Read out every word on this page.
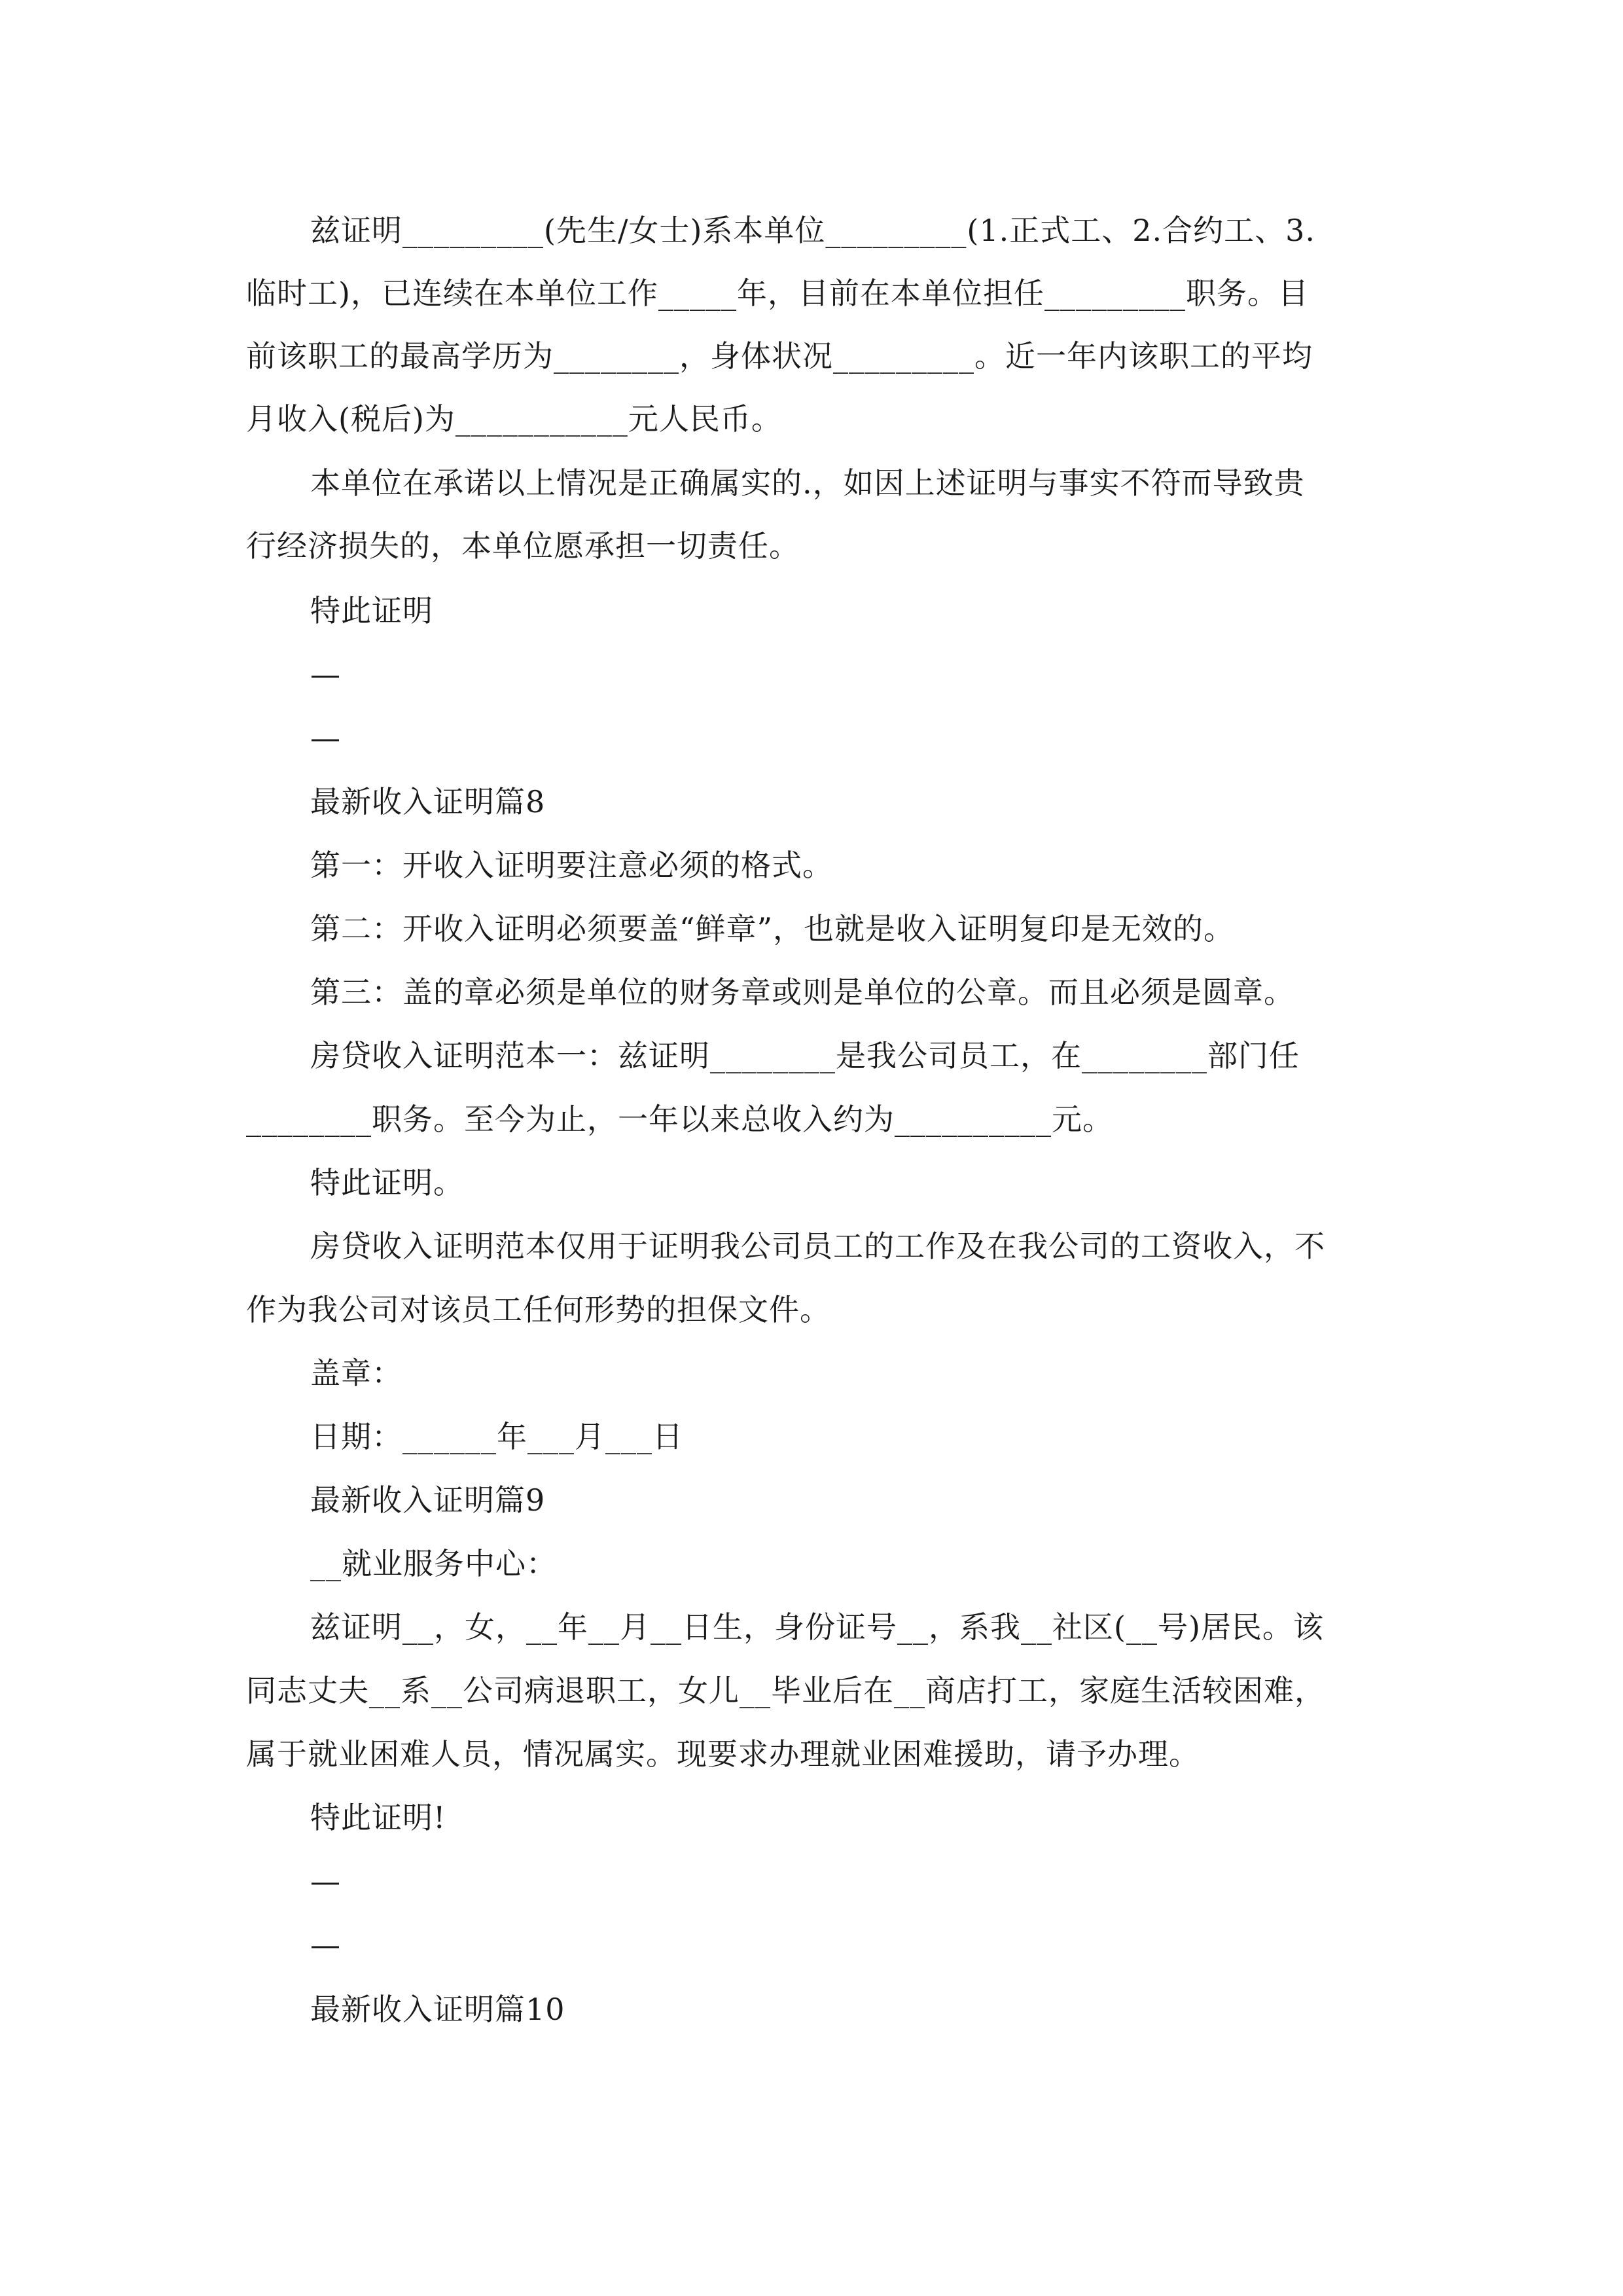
兹证明_________(先生/女士)系本单位_________(1.正式工、2.合约工、3.
临时工)，已连续在本单位工作_____年，目前在本单位担任_________职务。目
前该职工的最高学历为________，身体状况_________。近一年内该职工的平均
月收入(税后)为___________元人民币。
本单位在承诺以上情况是正确属实的.，如因上述证明与事实不符而导致贵
行经济损失的，本单位愿承担一切责任。
特此证明
—
—
最新收入证明篇8
第一：开收入证明要注意必须的格式。
第二：开收入证明必须要盖“鲜章”，也就是收入证明复印是无效的。
第三：盖的章必须是单位的财务章或则是单位的公章。而且必须是圆章。
房贷收入证明范本一：兹证明________是我公司员工，在________部门任
________职务。至今为止，一年以来总收入约为__________元。
特此证明。
房贷收入证明范本仅用于证明我公司员工的工作及在我公司的工资收入，不
作为我公司对该员工任何形势的担保文件。
盖章：
日期：______年___月___日
最新收入证明篇9
__就业服务中心：
兹证明__，女，__年__月__日生，身份证号__，系我__社区(__号)居民。该
同志丈夫__系__公司病退职工，女儿__毕业后在__商店打工，家庭生活较困难，
属于就业困难人员，情况属实。现要求办理就业困难援助，请予办理。
特此证明!
—
—
最新收入证明篇10
